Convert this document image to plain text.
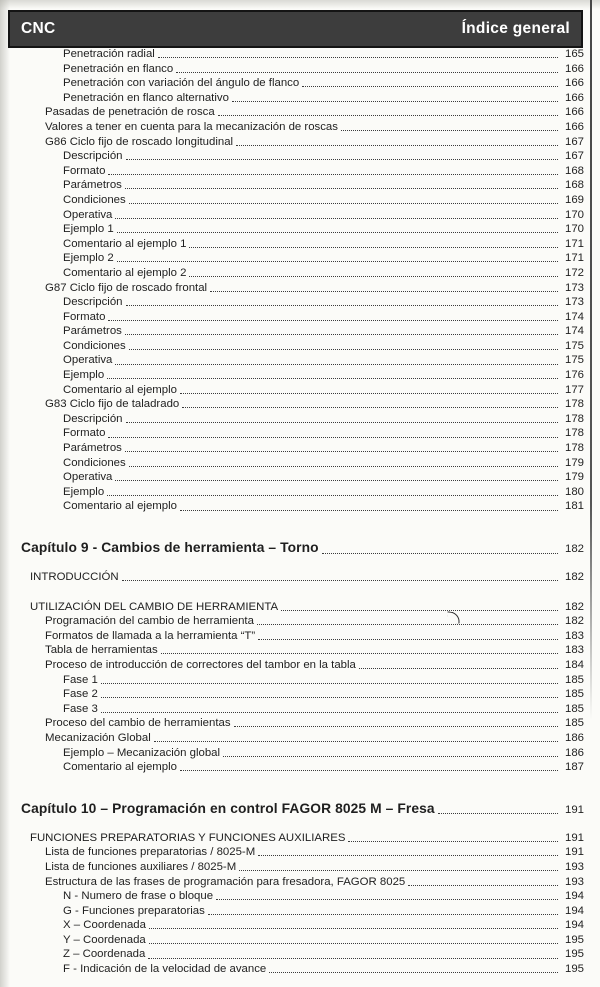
CNC	Índice general
Penetración radial	165
Penetración en flanco	166
Penetración con variación del ángulo de flanco	166
Penetración en flanco alternativo	166
Pasadas de penetración de rosca	166
Valores a tener en cuenta para la mecanización de roscas	166
G86 Ciclo fijo de roscado longitudinal	167
Descripción	167
Formato	168
Parámetros	168
Condiciones	169
Operativa	170
Ejemplo 1	170
Comentario al ejemplo 1	171
Ejemplo 2	171
Comentario al ejemplo 2	172
G87 Ciclo fijo de roscado frontal	173
Descripción	173
Formato	174
Parámetros	174
Condiciones	175
Operativa	175
Ejemplo	176
Comentario al ejemplo	177
G83 Ciclo fijo de taladrado	178
Descripción	178
Formato	178
Parámetros	178
Condiciones	179
Operativa	179
Ejemplo	180
Comentario al ejemplo	181
Capítulo 9 - Cambios de herramienta – Torno	182
INTRODUCCIÓN	182
UTILIZACIÓN DEL CAMBIO DE HERRAMIENTA	182
Programación del cambio de herramienta	182
Formatos de llamada a la herramienta “T”	183
Tabla de herramientas	183
Proceso de introducción de correctores del tambor en la tabla	184
Fase 1	185
Fase 2	185
Fase 3	185
Proceso del cambio de herramientas	185
Mecanización Global	186
Ejemplo – Mecanización global	186
Comentario al ejemplo	187
Capítulo 10 – Programación en control FAGOR 8025 M – Fresa	191
FUNCIONES PREPARATORIAS Y FUNCIONES AUXILIARES	191
Lista de funciones preparatorias / 8025-M	191
Lista de funciones auxiliares / 8025-M	193
Estructura de las frases de programación para fresadora, FAGOR 8025	193
N - Numero de frase o bloque	194
G - Funciones preparatorias	194
X – Coordenada	194
Y – Coordenada	195
Z – Coordenada	195
F - Indicación de la velocidad de avance	195
